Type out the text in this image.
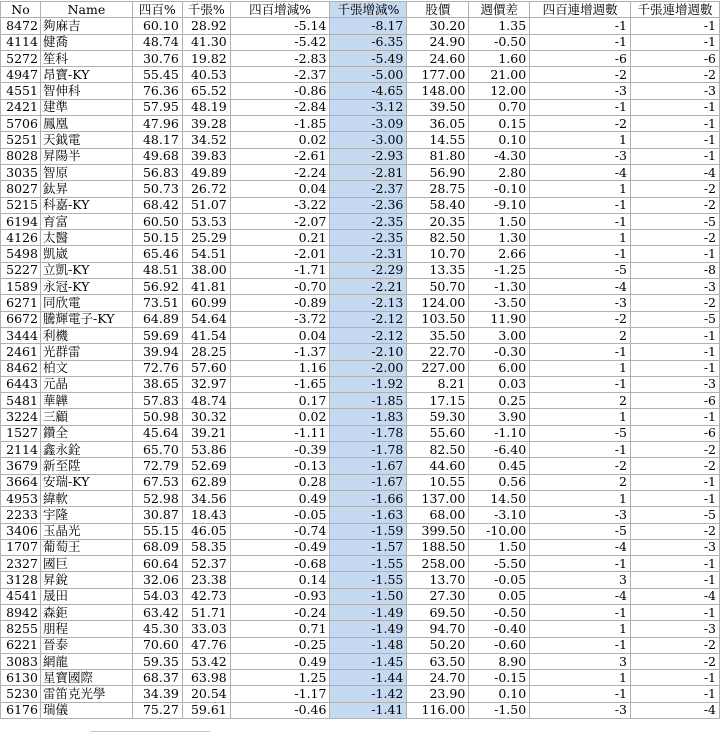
No	Name	四百%	千張%	四百增減%	千張增減%	股價	週價差	四百連增週數	千張連增週數
8472	夠麻吉	60.10	28.92	-5.14	-8.17	30.20	1.35	-1	-1
4114	健喬	48.74	41.30	-5.42	-6.35	24.90	-0.50	-1	-1
5272	笙科	30.76	19.82	-2.83	-5.49	24.60	1.60	-6	-6
4947	昂寶-KY	55.45	40.53	-2.37	-5.00	177.00	21.00	-2	-2
4551	智伸科	76.36	65.52	-0.86	-4.65	148.00	12.00	-3	-3
2421	建準	57.95	48.19	-2.84	-3.12	39.50	0.70	-1	-1
5706	鳳凰	47.96	39.28	-1.85	-3.09	36.05	0.15	-2	-1
5251	天鉞電	48.17	34.52	0.02	-3.00	14.55	0.10	1	-1
8028	昇陽半	49.68	39.83	-2.61	-2.93	81.80	-4.30	-3	-1
3035	智原	56.83	49.89	-2.24	-2.81	56.90	2.80	-4	-4
8027	鈦昇	50.73	26.72	0.04	-2.37	28.75	-0.10	1	-2
5215	科嘉-KY	68.42	51.07	-3.22	-2.36	58.40	-9.10	-1	-2
6194	育富	60.50	53.53	-2.07	-2.35	20.35	1.50	-1	-5
4126	太醫	50.15	25.29	0.21	-2.35	82.50	1.30	1	-2
5498	凱崴	65.46	54.51	-2.01	-2.31	10.70	2.66	-1	-1
5227	立凱-KY	48.51	38.00	-1.71	-2.29	13.35	-1.25	-5	-8
1589	永冠-KY	56.92	41.81	-0.70	-2.21	50.70	-1.30	-4	-3
6271	同欣電	73.51	60.99	-0.89	-2.13	124.00	-3.50	-3	-2
6672	騰輝電子-KY	64.89	54.64	-3.72	-2.12	103.50	11.90	-2	-5
3444	利機	59.69	41.54	0.04	-2.12	35.50	3.00	2	-1
2461	光群雷	39.94	28.25	-1.37	-2.10	22.70	-0.30	-1	-1
8462	柏文	72.76	57.60	1.16	-2.00	227.00	6.00	1	-1
6443	元晶	38.65	32.97	-1.65	-1.92	8.21	0.03	-1	-3
5481	華韡	57.83	48.74	0.17	-1.85	17.15	0.25	2	-6
3224	三顧	50.98	30.32	0.02	-1.83	59.30	3.90	1	-1
1527	鑽全	45.64	39.21	-1.11	-1.78	55.60	-1.10	-5	-6
2114	鑫永銓	65.70	53.86	-0.39	-1.78	82.50	-6.40	-1	-2
3679	新至陞	72.79	52.69	-0.13	-1.67	44.60	0.45	-2	-2
3664	安瑞-KY	67.53	62.89	0.28	-1.67	10.55	0.56	2	-1
4953	緯軟	52.98	34.56	0.49	-1.66	137.00	14.50	1	-1
2233	宇隆	30.87	18.43	-0.05	-1.63	68.00	-3.10	-3	-5
3406	玉晶光	55.15	46.05	-0.74	-1.59	399.50	-10.00	-5	-2
1707	葡萄王	68.09	58.35	-0.49	-1.57	188.50	1.50	-4	-3
2327	國巨	60.64	52.37	-0.68	-1.55	258.00	-5.50	-1	-1
3128	昇銳	32.06	23.38	0.14	-1.55	13.70	-0.05	3	-1
4541	晟田	54.03	42.73	-0.93	-1.50	27.30	0.05	-4	-4
8942	森鉅	63.42	51.71	-0.24	-1.49	69.50	-0.50	-1	-1
8255	朋程	45.30	33.03	0.71	-1.49	94.70	-0.40	1	-3
6221	晉泰	70.60	47.76	-0.25	-1.48	50.20	-0.60	-1	-2
3083	網龍	59.35	53.42	0.49	-1.45	63.50	8.90	3	-2
6130	星寶國際	68.37	63.98	1.25	-1.44	24.70	-0.15	1	-1
5230	雷笛克光學	34.39	20.54	-1.17	-1.42	23.90	0.10	-1	-1
6176	瑞儀	75.27	59.61	-0.46	-1.41	116.00	-1.50	-3	-4
